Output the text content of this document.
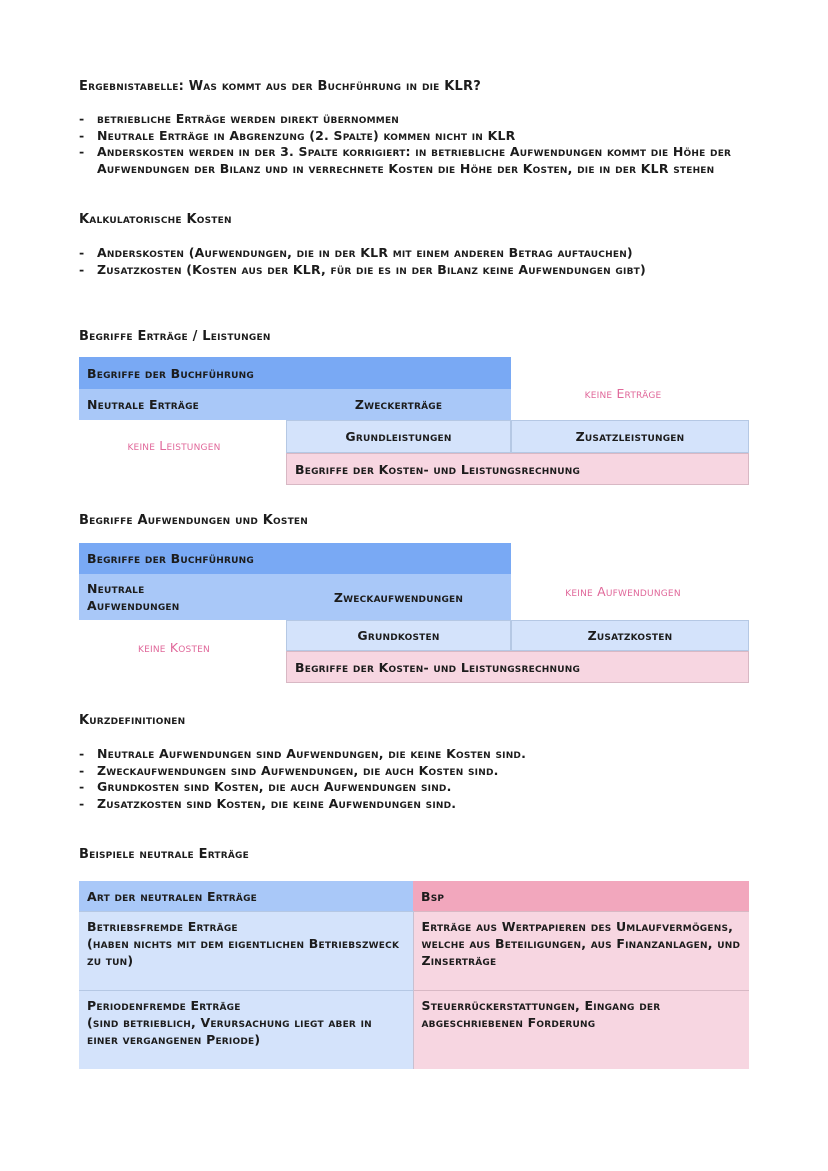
Ergebnistabelle: Was kommt aus der Buchführung in die KLR?
- betriebliche Erträge werden direkt übernommen
- Neutrale Erträge in Abgrenzung (2. Spalte) kommen nicht in KLR
- Anderskosten werden in der 3. Spalte korrigiert: in betriebliche Aufwendungen kommt die Höhe der Aufwendungen der Bilanz und in verrechnete Kosten die Höhe der Kosten, die in der KLR stehen
Kalkulatorische Kosten
- Anderskosten (Aufwendungen, die in der KLR mit einem anderen Betrag auftauchen)
- Zusatzkosten (Kosten aus der KLR, für die es in der Bilanz keine Aufwendungen gibt)
Begriffe Erträge / Leistungen
Begriffe der Buchführung
Neutrale Erträge	Zweckerträge
keine Erträge
keine Leistungen
Grundleistungen	Zusatzleistungen
Begriffe der Kosten- und Leistungsrechnung
Begriffe Aufwendungen und Kosten
Begriffe der Buchführung
Neutrale Aufwendungen
Zweckaufwendungen	keine Aufwendungen
keine Kosten
Grundkosten	Zusatzkosten
Begriffe der Kosten- und Leistungsrechnung
Kurzdefinitionen
- Neutrale Aufwendungen sind Aufwendungen, die keine Kosten sind.
- Zweckaufwendungen sind Aufwendungen, die auch Kosten sind.
- Grundkosten sind Kosten, die auch Aufwendungen sind.
- Zusatzkosten sind Kosten, die keine Aufwendungen sind.
Beispiele neutrale Erträge
Art der neutralen Erträge	Bsp

Betriebsfremde Erträge
(haben nichts mit dem eigentlichen Betriebszweck zu tun)	Erträge aus Wertpapieren des Umlaufvermögens, welche aus Beteiligungen, aus Finanzanlagen, und Zinserträge

Periodenfremde Erträge
(sind betrieblich, Verursachung liegt aber in einer vergangenen Periode)	Steuerrückerstattungen, Eingang der abgeschriebenen Forderung
